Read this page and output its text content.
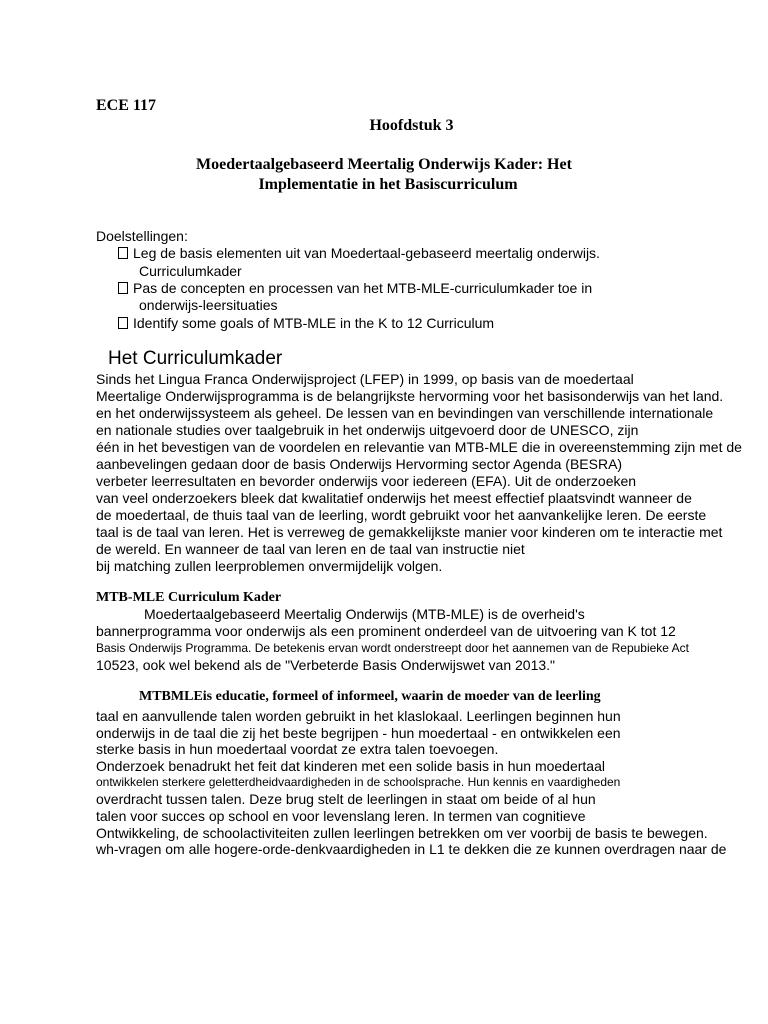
ECE 117
Hoofdstuk 3
Moedertaalgebaseerd Meertalig Onderwijs Kader: Het
Implementatie in het Basiscurriculum
Doelstellingen:
Leg de basis elementen uit van Moedertaal-gebaseerd meertalig onderwijs.
Curriculumkader
Pas de concepten en processen van het MTB-MLE-curriculumkader toe in
onderwijs-leersituaties
Identify some goals of MTB-MLE in the K to 12 Curriculum
Het Curriculumkader
Sinds het Lingua Franca Onderwijsproject (LFEP) in 1999, op basis van de moedertaal
Meertalige Onderwijsprogramma is de belangrijkste hervorming voor het basisonderwijs van het land.
en het onderwijssysteem als geheel. De lessen van en bevindingen van verschillende internationale
en nationale studies over taalgebruik in het onderwijs uitgevoerd door de UNESCO, zijn
één in het bevestigen van de voordelen en relevantie van MTB-MLE die in overeenstemming zijn met de
aanbevelingen gedaan door de basis Onderwijs Hervorming sector Agenda (BESRA)
verbeter leerresultaten en bevorder onderwijs voor iedereen (EFA). Uit de onderzoeken
van veel onderzoekers bleek dat kwalitatief onderwijs het meest effectief plaatsvindt wanneer de
de moedertaal, de thuis taal van de leerling, wordt gebruikt voor het aanvankelijke leren. De eerste
taal is de taal van leren. Het is verreweg de gemakkelijkste manier voor kinderen om te interactie met
de wereld. En wanneer de taal van leren en de taal van instructie niet
bij matching zullen leerproblemen onvermijdelijk volgen.
MTB-MLE Curriculum Kader
Moedertaalgebaseerd Meertalig Onderwijs (MTB-MLE) is de overheid's
bannerprogramma voor onderwijs als een prominent onderdeel van de uitvoering van K tot 12
Basis Onderwijs Programma. De betekenis ervan wordt onderstreept door het aannemen van de Repubieke Act
10523, ook wel bekend als de "Verbeterde Basis Onderwijswet van 2013."
MTBMLEis educatie, formeel of informeel, waarin de moeder van de leerling
taal en aanvullende talen worden gebruikt in het klaslokaal. Leerlingen beginnen hun
onderwijs in de taal die zij het beste begrijpen - hun moedertaal - en ontwikkelen een
sterke basis in hun moedertaal voordat ze extra talen toevoegen.
Onderzoek benadrukt het feit dat kinderen met een solide basis in hun moedertaal
ontwikkelen sterkere geletterdheidvaardigheden in de schoolsprache. Hun kennis en vaardigheden
overdracht tussen talen. Deze brug stelt de leerlingen in staat om beide of al hun
talen voor succes op school en voor levenslang leren. In termen van cognitieve
Ontwikkeling, de schoolactiviteiten zullen leerlingen betrekken om ver voorbij de basis te bewegen.
wh-vragen om alle hogere-orde-denkvaardigheden in L1 te dekken die ze kunnen overdragen naar de
